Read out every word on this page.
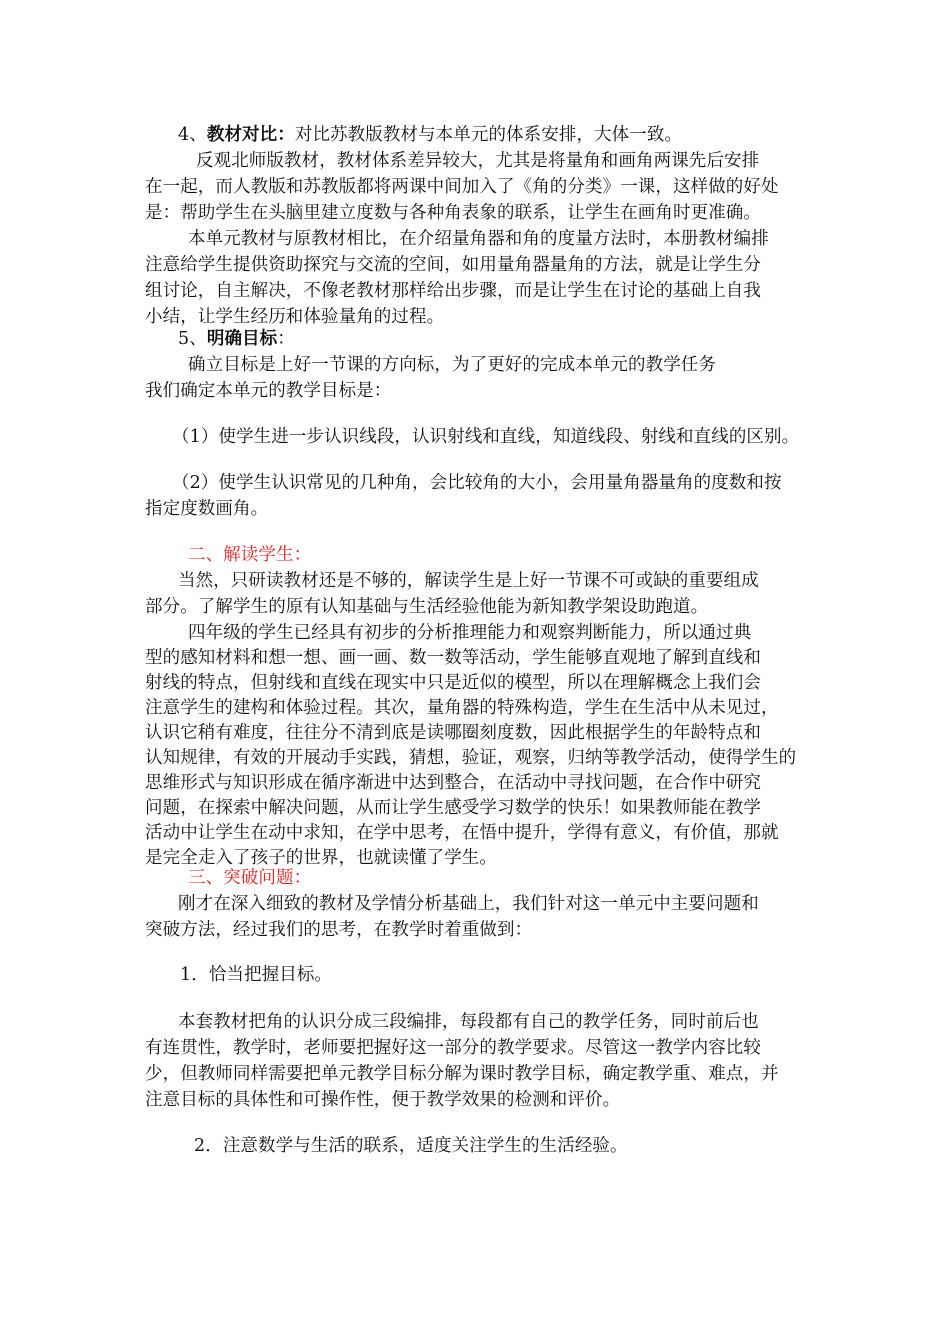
4、教材对比：对比苏教版教材与本单元的体系安排，大体一致。
反观北师版教材，教材体系差异较大，尤其是将量角和画角两课先后安排
在一起，而人教版和苏教版都将两课中间加入了《角的分类》一课，这样做的好处
是：帮助学生在头脑里建立度数与各种角表象的联系，让学生在画角时更准确。
本单元教材与原教材相比，在介绍量角器和角的度量方法时，本册教材编排
注意给学生提供资助探究与交流的空间，如用量角器量角的方法，就是让学生分
组讨论，自主解决，不像老教材那样给出步骤，而是让学生在讨论的基础上自我
小结，让学生经历和体验量角的过程。
5、明确目标：
确立目标是上好一节课的方向标，为了更好的完成本单元的教学任务
我们确定本单元的教学目标是：
（1）使学生进一步认识线段，认识射线和直线，知道线段、射线和直线的区别。
（2）使学生认识常见的几种角，会比较角的大小，会用量角器量角的度数和按
指定度数画角。
二、解读学生：
当然，只研读教材还是不够的，解读学生是上好一节课不可或缺的重要组成
部分。了解学生的原有认知基础与生活经验他能为新知教学架设助跑道。
四年级的学生已经具有初步的分析推理能力和观察判断能力，所以通过典
型的感知材料和想一想、画一画、数一数等活动，学生能够直观地了解到直线和
射线的特点，但射线和直线在现实中只是近似的模型，所以在理解概念上我们会
注意学生的建构和体验过程。其次，量角器的特殊构造，学生在生活中从未见过，
认识它稍有难度，往往分不清到底是读哪圈刻度数，因此根据学生的年龄特点和
认知规律，有效的开展动手实践，猜想，验证，观察，归纳等教学活动，使得学生的
思维形式与知识形成在循序渐进中达到整合，在活动中寻找问题，在合作中研究
问题，在探索中解决问题，从而让学生感受学习数学的快乐！如果教师能在教学
活动中让学生在动中求知，在学中思考，在悟中提升，学得有意义，有价值，那就
是完全走入了孩子的世界，也就读懂了学生。
三、突破问题：
刚才在深入细致的教材及学情分析基础上，我们针对这一单元中主要问题和
突破方法，经过我们的思考，在教学时着重做到：
1．恰当把握目标。
本套教材把角的认识分成三段编排，每段都有自己的教学任务，同时前后也
有连贯性，教学时，老师要把握好这一部分的教学要求。尽管这一教学内容比较
少，但教师同样需要把单元教学目标分解为课时教学目标，确定教学重、难点，并
注意目标的具体性和可操作性，便于教学效果的检测和评价。
2．注意数学与生活的联系，适度关注学生的生活经验。
